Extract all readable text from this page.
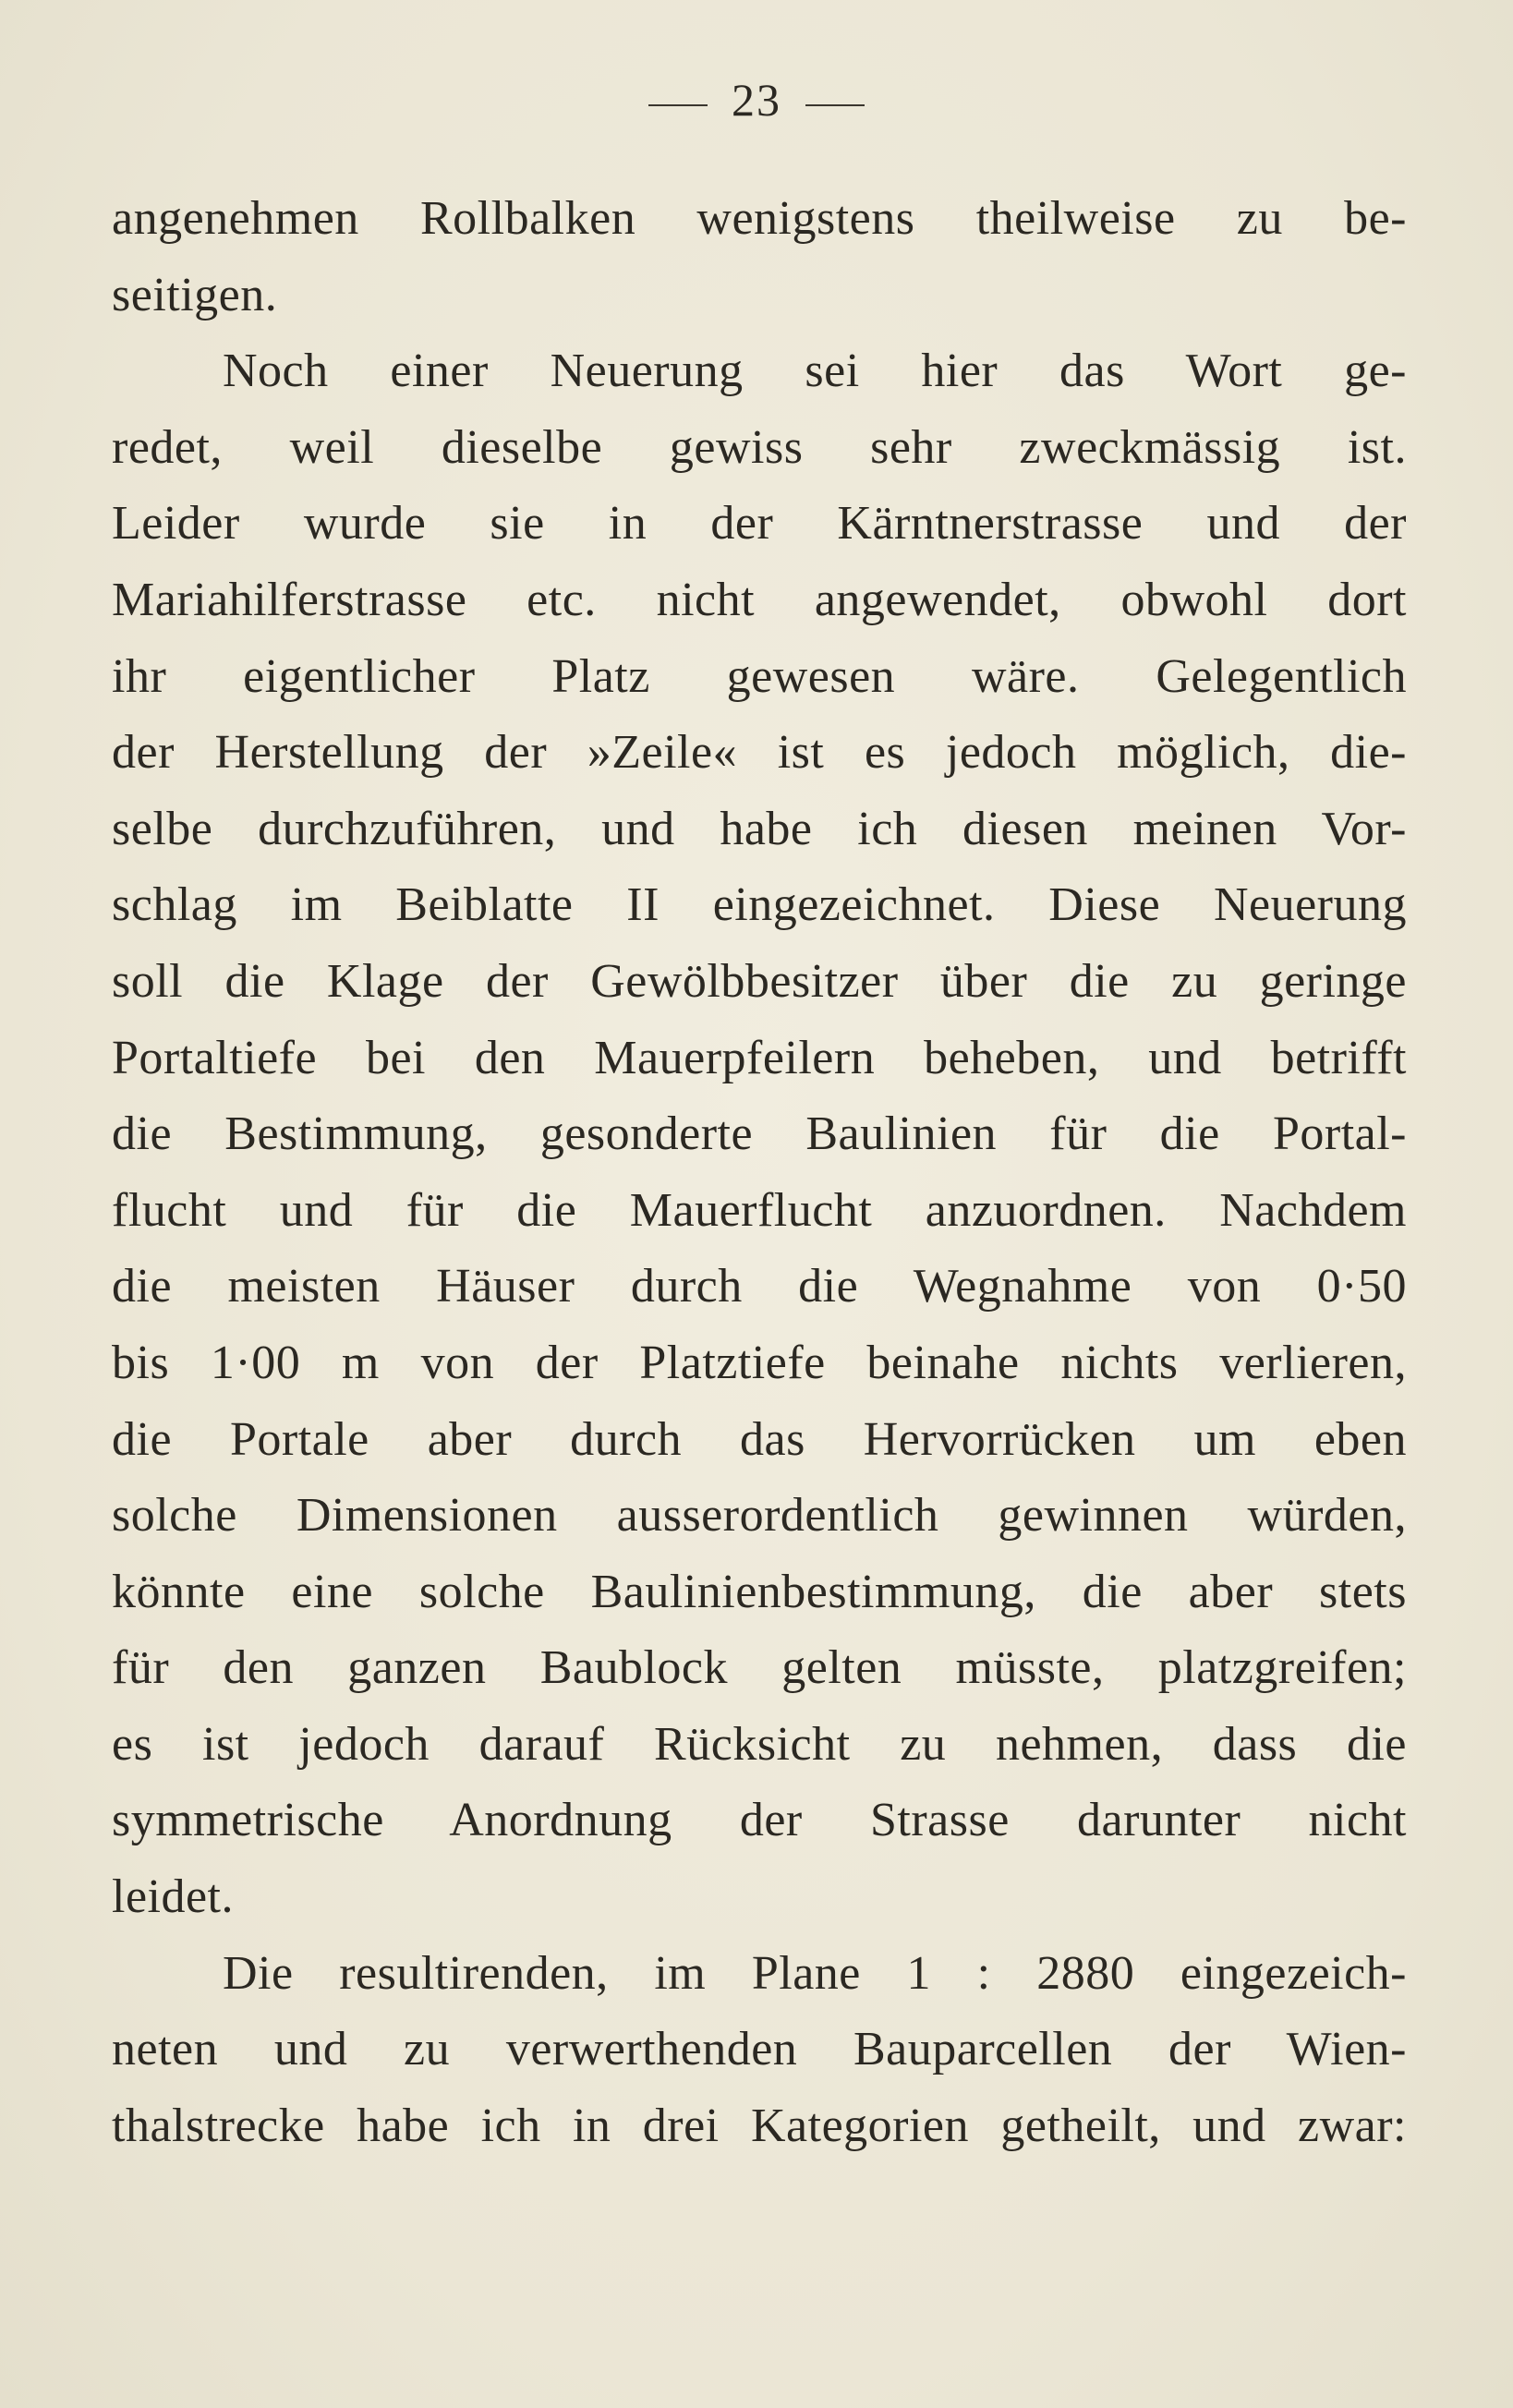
23
angenehmen Rollbalken wenigstens theilweise zu be-
seitigen.
Noch einer Neuerung sei hier das Wort ge-
redet, weil dieselbe gewiss sehr zweckmässig ist.
Leider wurde sie in der Kärntnerstrasse und der
Mariahilferstrasse etc. nicht angewendet, obwohl dort
ihr eigentlicher Platz gewesen wäre. Gelegentlich
der Herstellung der »Zeile« ist es jedoch möglich, die-
selbe durchzuführen, und habe ich diesen meinen Vor-
schlag im Beiblatte II eingezeichnet. Diese Neuerung
soll die Klage der Gewölbbesitzer über die zu geringe
Portaltiefe bei den Mauerpfeilern beheben, und betrifft
die Bestimmung, gesonderte Baulinien für die Portal-
flucht und für die Mauerflucht anzuordnen. Nachdem
die meisten Häuser durch die Wegnahme von 0·50
bis 1·00 m von der Platztiefe beinahe nichts verlieren,
die Portale aber durch das Hervorrücken um eben
solche Dimensionen ausserordentlich gewinnen würden,
könnte eine solche Baulinienbestimmung, die aber stets
für den ganzen Baublock gelten müsste, platzgreifen;
es ist jedoch darauf Rücksicht zu nehmen, dass die
symmetrische Anordnung der Strasse darunter nicht
leidet.
Die resultirenden, im Plane 1 : 2880 eingezeich-
neten und zu verwerthenden Bauparcellen der Wien-
thalstrecke habe ich in drei Kategorien getheilt, und zwar:
